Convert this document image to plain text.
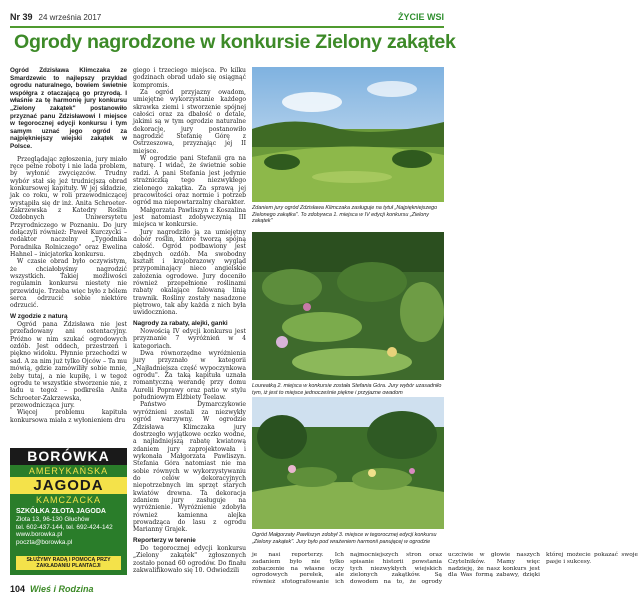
Nr 39 24 września 2017	ŻYCIE WSI
Ogrody nagrodzone w konkursie Zielony zakątek

Ogród Zdzisława Klimczaka ze Smardzewic to najlepszy przykład ogrodu naturalnego, bowiem świetnie współgra z otaczającą go przyrodą. I właśnie za tę harmonię jury konkursu „Zielony zakątek" postanowiło przyznać panu Zdzisławowi I miejsce w tegorocznej edycji konkursu i tym samym uznać jego ogród za najpiękniejszy wiejski zakątek w Polsce.

Przeglądając zgłoszenia, jury miało ręce pełne roboty i nie lada problem, by wyłonić zwycięzców. Trudny wybór stał się jeż trudnicjszą obrad konkursowej kapituły. W jej składzie, jak co roku, w roli przewodniczącej wystąpiła się dr inż. Anita Schroeter-Zakrzewska z Katedry Roślin Ozdobnych Uniwersytetu Przyrodniczego w Poznaniu. Do jury dołączyli również: Paweł Kurczycki – redaktor naczelny „Tygodnika Poradnika Rolniczego" oraz Ewelina Hahnel – inicjatorka konkursu.

W czasie obrad było oczywistym, że chciałobyśmy nagrodzić wszystkich. Takiej możliwości regulamin konkursu niestety nie przewiduje. Trzeba więc było z bólem serca odrzucić sobie niektóre odrzucić.

W zgodzie z naturą

Ogród pana Zdzisława nie jest przefadowany ani ostentacyjny. Próżno w nim szukać ogrodowych ozdób. Jest oddech, przestrzeń i piękno widoku. Płynnie przechodzi w sad. A za nim już tylko Ojców – Ta mu mówią, gdzie zamówiliły sobie mnie, żeby tutaj, a nie kupiłę, i w tegoż ogrodu te wszystkie stworzenie nie, z ładu u tegoż – podkreśla Anita Schroeter-Zakrzewska, przewodnicząca jury.

Więcej problemu kapituła konkursowa miała z wyłonieniem dru

BORÓWKA
AMERYKAŃSKA
JAGODA
KAMCZACKA
SZKÓŁKA ZŁOTA JAGODA
Złota 13, 96-130 Głuchów
tel. 602-437-144, tel. 692-424-142
www.borowka.pl
poczta@borowka.pl
SŁUŻYMY RADĄ I POMOCĄ PRZY ZAKŁADANIU PLANTACJI

giego i trzeciego miejsca. Po kilku godzinach obrad udało się osiągnąć kompromis.

Za ogród przyjazny owadom, umiejętne wykorzystanie każdego skrawka ziemi i stworzenie spójnej całości oraz za dbałość o detale, jakimi są w tym ogrodzie naturalne dekoracje, jury postanowiło nagrodzić Stefanię Górę z Ostrzeszowa, przyznając jej II miejsce.

W ogrodzie pani Stefanii gra na naturę. I widać, że świetnie sobie radzi. A pani Stefania jest jedynie strażniczką tego niezwykłego zielonego zakątka. Za sprawą jej pracowitości oraz normie i potrzeb ogród ma niepowtarzalny charakter.

Małgorzata Pawliszyn z Koszalina jest natomiast zdobywczynią III miejsca w konkursie.

Jury nagrodziło ją za umiejętny dobór roślin, które tworzą spójną całość. Ogród podbawiony jest zbędnych ozdób. Ma swobodny kształt i krajobrazowy wygląd przypominający nieco angielskie założenia ogrodowe. Jury doceniło również przepełnione roślinami rabaty okalające falowaną linią trawnik. Rośliny zostały nasadzone piętrowo, tak aby każda z nich była uwidoczniona.

Nagrody za rabaty, alejki, ganki

Nowością IV edycji konkursu jest przyznanie 7 wyróżnień w 4 kategoriach.

Dwa równorzędne wyróżnienia jury przyznało w kategorii „Najładniejsza część wypoczynkowa ogrodu". Za taką kapituła uznała romantyczną werandę przy domu Aurelii Poprawy oraz patio w stylu południowym Elżbiety Teelaw.

Państwo Dymarczykowie wyróżnieni zostali za niezwykły ogród warzywny. W ogrodzie Zdzisława Klimczaka jury dostrzegło wyjątkowe oczko wodne, a najładniejszą rabatę kwiatową zdaniem jury zaprojektowała i wykonała Małgorzata Pawliszyn. Stefania Góra natomiast nie ma sobie równych w wykorzystywaniu do celów dekoracyjnych niepotrzebnych im sprzęt starych kwiatów drewna. Ta dekoracja zdaniem jury zasługuje na wyróżnienie. Wyróżnienie zdobyła również kamienna alejka prowadząca do lasu z ogrodu Marianny Grajek.

Reporterzy w terenie

Do tegorocznej edycji konkursu „Zielony zakątek" zgłoszonych zostało ponad 60 ogrodów. Do finału zakwalifikowało się 10. Odwiedzili

Zdaniem jury ogród Zdzisława Klimczaka zasługuje na tytuł „Najpiękniejszego Zielonego zakątka". To zdobywca 1. miejsca w IV edycji konkursu „Zielony zakątek"
Loureatką 2. miejsca w konkursie została Stefania Góra. Jury wybór uzasadniło tym, iż jest to miejsce jednocześnie piękne i przyjazne owadom
Ogród Małgorzaty Pawliszyn zdobył 3. miejsce w tegorocznej edycji konkursu „Zielony zakątek". Jury było pod wrażeniem harmonii panującej w ogrodzie

je nasi reporterzy. Ich zadaniem było nie tylko zobaczenie na własne oczy ogrodowych perełek, ale również sfotografowanie ich najmocniejszych stron oraz spisanie historii powstania tych niezwykłych wiejskich zielonych zakątków. Są dowodem na to, że ogrody uczciwie w głowie naszych Czytelników. Mamy więc nadzieję, że nasz konkurs jest dla Was formą zabawy, dzięki której możecie pokazać swoje pasje i sukcesy.

104 Wieś i Rodzina
